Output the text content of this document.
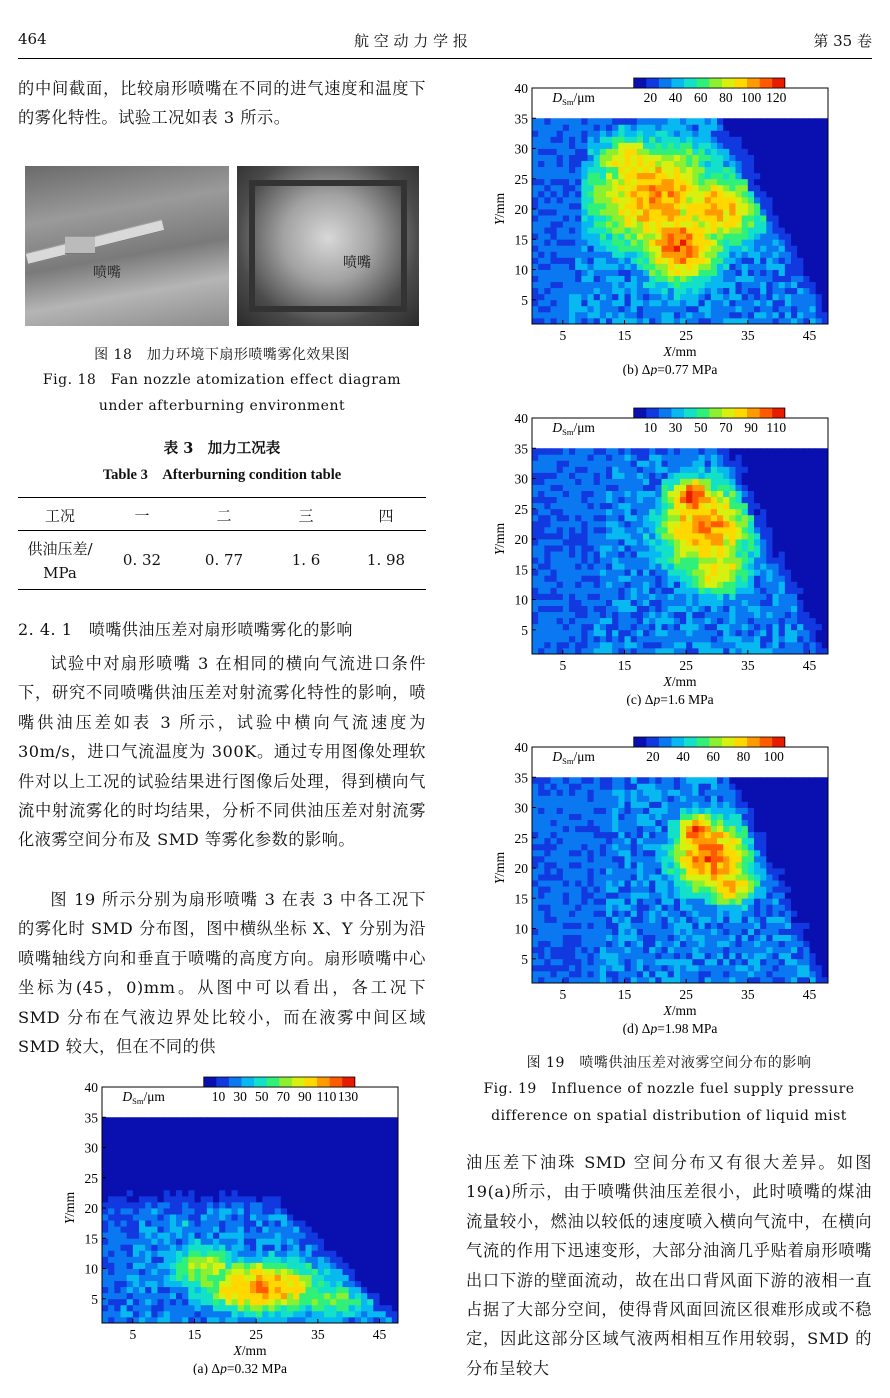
464	航 空 动 力 学 报	第 35 卷
的中间截面，比较扇形喷嘴在不同的进气速度和温度下的雾化特性。试验工况如表 3 所示。
喷嘴
喷嘴
图 18　加力环境下扇形喷嘴雾化效果图
Fig. 18　Fan nozzle atomization effect diagram
under afterburning environment
表 3　加力工况表
Table 3　Afterburning condition table
工况	一	二	三	四
供油压差/
MPa
0. 32	0. 77	1. 6	1. 98
2. 4. 1　喷嘴供油压差对扇形喷嘴雾化的影响
试验中对扇形喷嘴 3 在相同的横向气流进口条件下，研究不同喷嘴供油压差对射流雾化特性的影响，喷嘴供油压差如表 3 所示，试验中横向气流速度为 30m/s，进口气流温度为 300K。通过专用图像处理软件对以上工况的试验结果进行图像后处理，得到横向气流中射流雾化的时均结果，分析不同供油压差对射流雾化液雾空间分布及 SMD 等雾化参数的影响。
图 19 所示分别为扇形喷嘴 3 在表 3 中各工况下的雾化时 SMD 分布图，图中横纵坐标 X、Y 分别为沿喷嘴轴线方向和垂直于喷嘴的高度方向。扇形喷嘴中心坐标为(45，0)mm。从图中可以看出，各工况下 SMD 分布在气液边界处比较小，而在液雾中间区域 SMD 较大，但在不同的供
10 30 50 70 90 110 130
$D_{Sm}/\mu m$
5	15	25	35	45
5
10
15
20
25
30
35
40
X/mm
Y/mm
(a) Δp=0.32 MPa
20 40 60 80 100 120
$D_{Sm}/\mu m$
5	15	25	35	45
5
10
15
20
25
30
35
40
X/mm
Y/mm
(b) Δp=0.77 MPa
10 30 50 70 90 110
$D_{Sm}/\mu m$
5	15	25	35	45
5
10
15
20
25
30
35
40
X/mm
Y/mm
(c) Δp=1.6 MPa
20 40 60 80 100
$D_{Sm}/\mu m$
5	15	25	35	45
5
10
15
20
25
30
35
40
X/mm
Y/mm
(d) Δp=1.98 MPa
图 19　喷嘴供油压差对液雾空间分布的影响
Fig. 19　Influence of nozzle fuel supply pressure
difference on spatial distribution of liquid mist
油压差下油珠 SMD 空间分布又有很大差异。如图 19(a)所示，由于喷嘴供油压差很小，此时喷嘴的煤油流量较小，燃油以较低的速度喷入横向气流中，在横向气流的作用下迅速变形，大部分油滴几乎贴着扇形喷嘴出口下游的壁面流动，故在出口背风面下游的液相一直占据了大部分空间，使得背风面回流区很难形成或不稳定，因此这部分区域气液两相相互作用较弱，SMD 的分布呈较大
